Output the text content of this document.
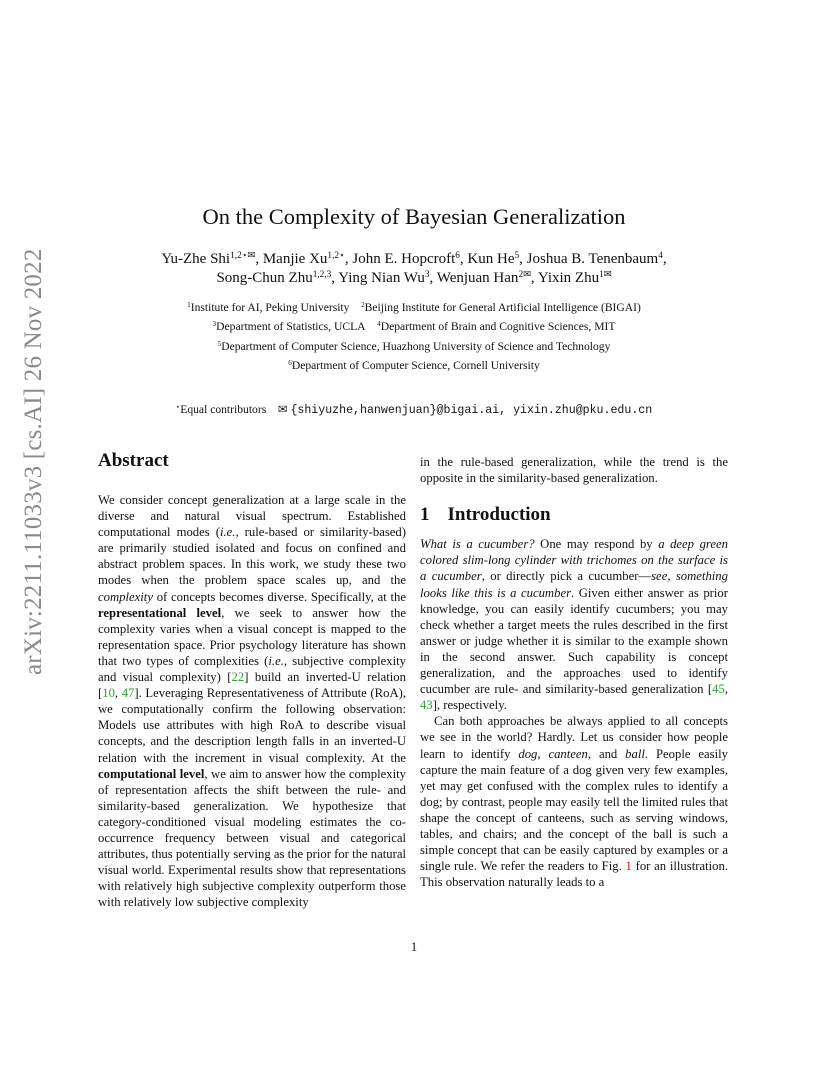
arXiv:2211.11033v3 [cs.AI] 26 Nov 2022
On the Complexity of Bayesian Generalization
Yu-Zhe Shi$^{1,2⋆✉}$, Manjie $Xu^{1,2⋆}$, John E. Hopcroft$^6$, Kun He$^5$, Joshua B. Tenenbaum$^4$,
Song-Chun Zhu$^{1,2,3}$, Ying Nian Wu$^3$, Wenjuan Han$^{2✉}$, Yixin Zhu$^{1✉}$
$^1$Institute for AI, Peking University $^2$Beijing Institute for General Artificial Intelligence (BIGAI)
$^3$Department of Statistics, UCLA $^4$Department of Brain and Cognitive Sciences, MIT
$^5$Department of Computer Science, Huazhong University of Science and Technology
$^6$Department of Computer Science, Cornell University
⋆Equal contributors ✉ {shiyuzhe,hanwenjuan}@bigai.ai, yixin.zhu@pku.edu.cn
Abstract

We consider concept generalization at a large scale in the diverse and natural visual spectrum. Established computational modes (i.e., rule-based or similarity-based) are primarily studied isolated and focus on confined and abstract problem spaces. In this work, we study these two modes when the problem space scales up, and the complexity of concepts becomes diverse. Specifically, at the representational level, we seek to answer how the complexity varies when a visual concept is mapped to the representation space. Prior psychology literature has shown that two types of complexities (i.e., subjective complexity and visual complexity) [22] build an inverted-U relation [10, 47]. Leveraging Representativeness of Attribute (RoA), we computationally confirm the following observation: Models use attributes with high RoA to describe visual concepts, and the description length falls in an inverted-U relation with the increment in visual complexity. At the computational level, we aim to answer how the complexity of representation affects the shift between the rule- and similarity-based generalization. We hypothesize that category-conditioned visual modeling estimates the co-occurrence frequency between visual and categorical attributes, thus potentially serving as the prior for the natural visual world. Experimental results show that representations with relatively high subjective complexity outperform those with relatively low subjective complexity

in the rule-based generalization, while the trend is the opposite in the similarity-based generalization.

1 Introduction

What is a cucumber? One may respond by a deep green colored slim-long cylinder with trichomes on the surface is a cucumber, or directly pick a cucumber—see, something looks like this is a cucumber. Given either answer as prior knowledge, you can easily identify cucumbers; you may check whether a target meets the rules described in the first answer or judge whether it is similar to the example shown in the second answer. Such capability is concept generalization, and the approaches used to identify cucumber are rule- and similarity-based generalization [45, 43], respectively.

Can both approaches be always applied to all concepts we see in the world? Hardly. Let us consider how people learn to identify dog, canteen, and ball. People easily capture the main feature of a dog given very few examples, yet may get confused with the complex rules to identify a dog; by contrast, people may easily tell the limited rules that shape the concept of canteens, such as serving windows, tables, and chairs; and the concept of the ball is such a simple concept that can be easily captured by examples or a single rule. We refer the readers to Fig. 1 for an illustration. This observation naturally leads to a

1
